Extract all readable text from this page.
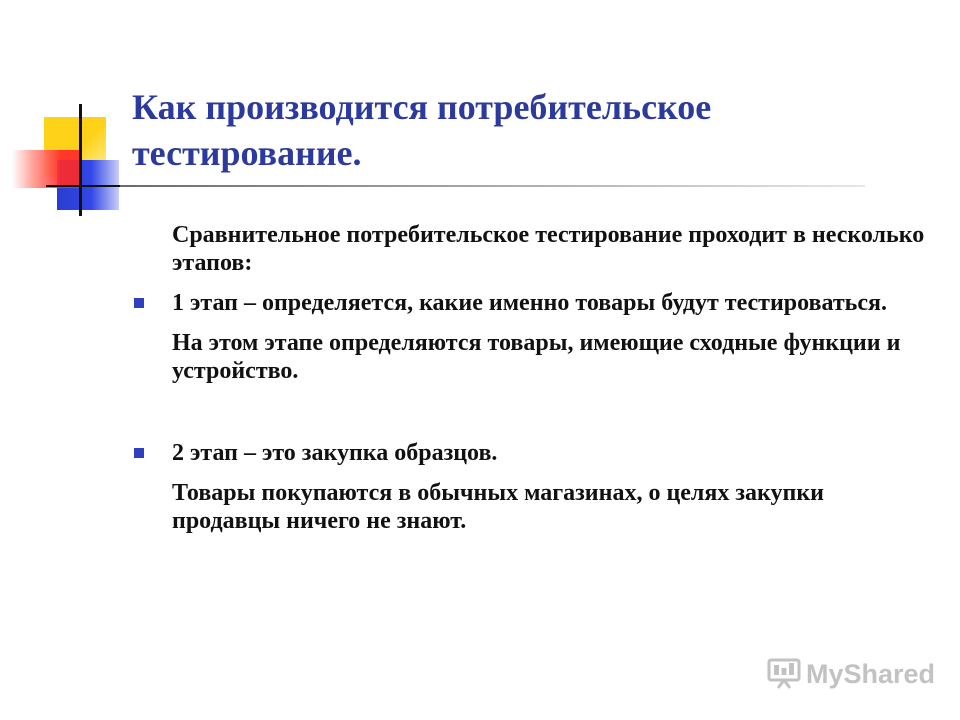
Как производится потребительское тестирование.

Сравнительное потребительское тестирование проходит в несколько этапов:

1 этап – определяется, какие именно товары будут тестироваться.

На этом этапе определяются товары, имеющие сходные функции и устройство.

2 этап – это закупка образцов.

Товары покупаются в обычных магазинах, о целях закупки продавцы ничего не знают.

MyShared
